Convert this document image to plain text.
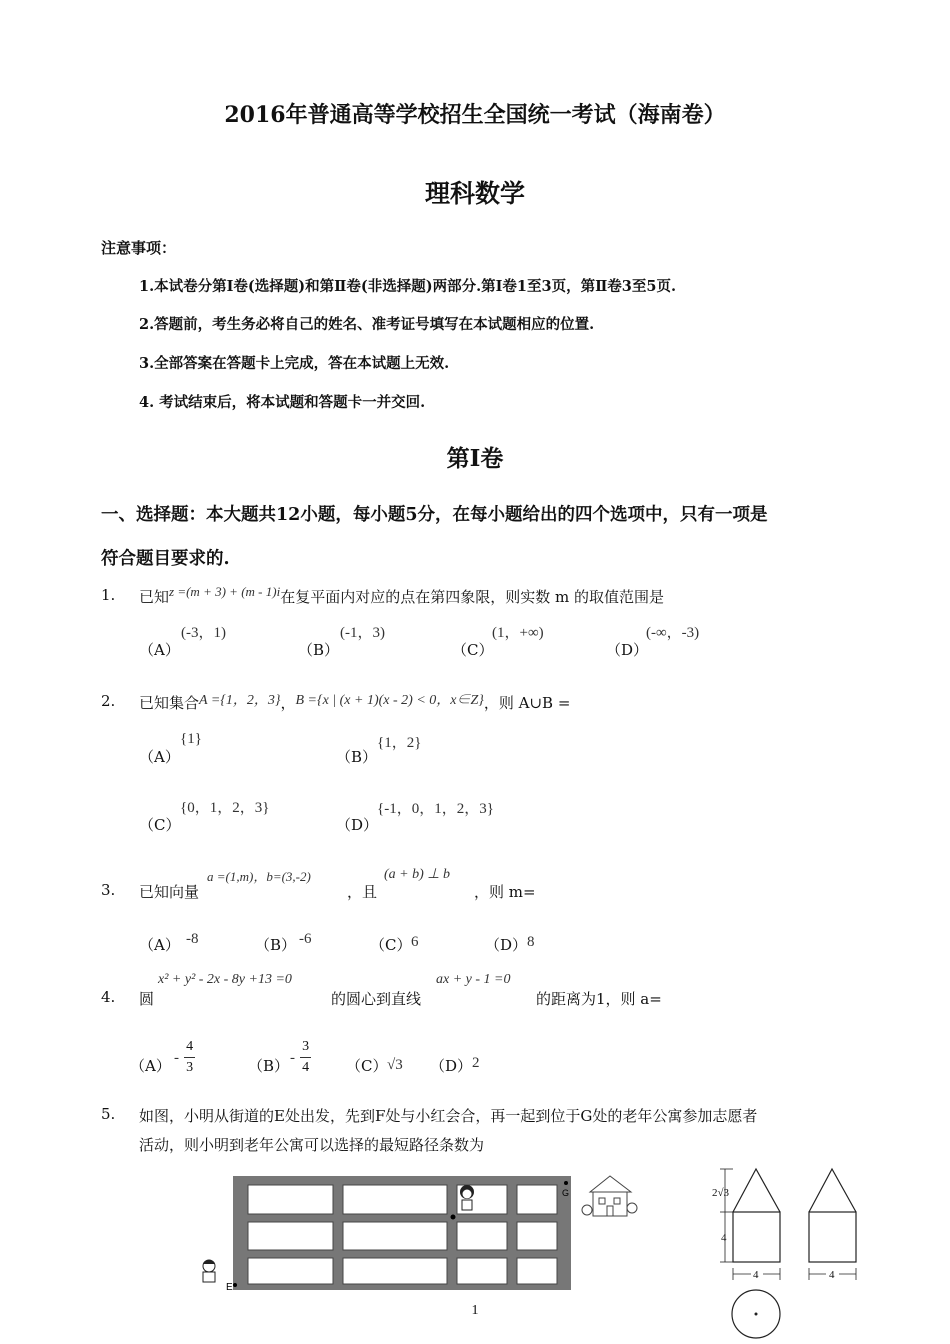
2016年普通高等学校招生全国统一考试（海南卷）
理科数学
注意事项：
1.本试卷分第Ⅰ卷(选择题)和第Ⅱ卷(非选择题)两部分.第Ⅰ卷1至3页，第Ⅱ卷3至5页.
2.答题前，考生务必将自己的姓名、准考证号填写在本试题相应的位置.
3.全部答案在答题卡上完成，答在本试题上无效.
4. 考试结束后，将本试题和答题卡一并交回.
第Ⅰ卷
一、选择题：本大题共12小题，每小题5分，在每小题给出的四个选项中，只有一项是
符合题目要求的.
1. 已知z =(m + 3) + (m - 1)i在复平面内对应的点在第四象限，则实数 m 的取值范围是
（A）
(-3，1)
（B）
(-1，3)
（C）
(1，+∞)
（D）
(-∞，-3)
2. 已知集合A ={1，2，3}，B ={x | (x + 1)(x - 2) < 0，x∈Z}，则 A∪B =
（A）
{1}
（B）
{1，2}
（C）
{0，1，2，3}
（D）
{-1，0，1，2，3}
3. 已知向量
a =(1,m)，b=(3,-2)
，且
(a + b) ⊥ b
，则 m=
（A） -8	（B） -6	（C） 6	（D） 8
4. 圆
x² + y² - 2x - 8y +13 =0
的圆心到直线
ax + y - 1 =0
的距离为1，则 a=
$(A) - \frac{4}{3}$	$(B) - \frac{3}{4} (C)$ √3 （D） 2
5. 如图，小明从街道的E处出发，先到F处与小红会合，再一起到位于G处的老年公寓参加志愿者
活动，则小明到老年公寓可以选择的最短路径条数为
G
E
2√3
4
4	4
1
